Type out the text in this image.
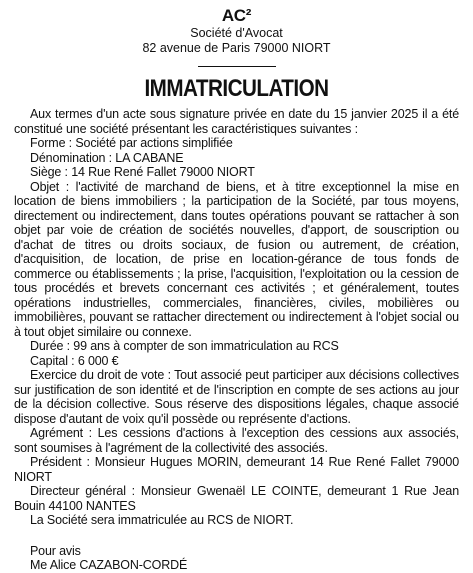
AC²
Société d'Avocat
82 avenue de Paris 79000 NIORT
IMMATRICULATION

Aux termes d'un acte sous signature privée en date du 15 janvier 2025 il a été constitué une société présentant les caractéristiques suivantes :

Forme : Société par actions simplifiée

Dénomination : LA CABANE

Siège : 14 Rue René Fallet 79000 NIORT

Objet : l'activité de marchand de biens, et à titre exceptionnel la mise en location de biens immobiliers ; la participation de la Société, par tous moyens, directement ou indirectement, dans toutes opérations pouvant se rattacher à son objet par voie de création de sociétés nouvelles, d'apport, de souscription ou d'achat de titres ou droits sociaux, de fusion ou autrement, de création, d'acquisition, de location, de prise en location-gérance de tous fonds de commerce ou établissements ; la prise, l'acquisition, l'exploitation ou la cession de tous procédés et brevets concernant ces activités ; et généralement, toutes opérations industrielles, commerciales, financières, civiles, mobilières ou immobilières, pouvant se rattacher directement ou indirectement à l'objet social ou à tout objet similaire ou connexe.

Durée : 99 ans à compter de son immatriculation au RCS

Capital : 6 000 €

Exercice du droit de vote : Tout associé peut participer aux décisions collectives sur justification de son identité et de l'inscription en compte de ses actions au jour de la décision collective. Sous réserve des dispositions légales, chaque associé dispose d'autant de voix qu'il possède ou représente d'actions.

Agrément : Les cessions d'actions à l'exception des cessions aux associés, sont soumises à l'agrément de la collectivité des associés.

Président : Monsieur Hugues MORIN, demeurant 14 Rue René Fallet 79000 NIORT

Directeur général : Monsieur Gwenaël LE COINTE, demeurant 1 Rue Jean Bouin 44100 NANTES

La Société sera immatriculée au RCS de NIORT.

Pour avis

Me Alice CAZABON-CORDÉ
